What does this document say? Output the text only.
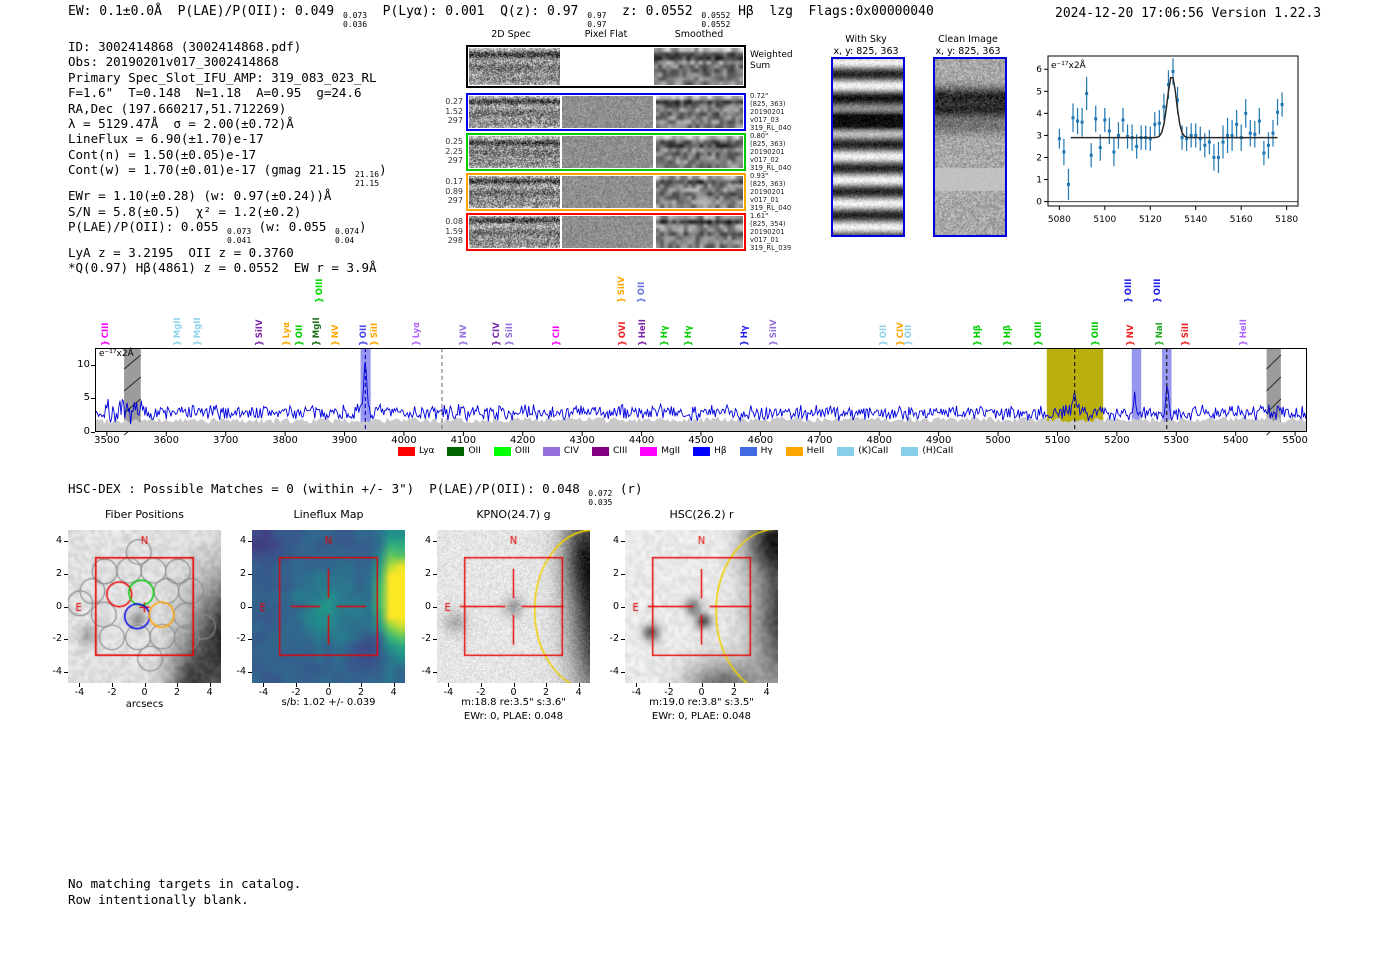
EW: 0.1±0.0Å  P(LAE)/P(OII): 0.049 0.073
0.036
P(Lyα): 0.001  Q(z): 0.97 0.97
0.97
z: 0.0552 0.0552
0.0552
Hβ  lzg  Flags:0x00000040	2024-12-20 17:06:56 Version 1.22.3
ID: 3002414868 (3002414868.pdf)
Obs: 20190201v017_3002414868
Primary Spec_Slot_IFU_AMP: 319_083_023_RL
F=1.6"  T=0.148  N=1.18  A=0.95  g=24.6
RA,Dec (197.660217,51.712269)
λ = 5129.47Å  σ = 2.00(±0.72)Å
LineFlux = 6.90(±1.70)e-17
Cont(n) = 1.50(±0.05)e-17
Cont(w) = 1.70(±0.01)e-17 (gmag 21.15 21.16
21.15
)
EWr = 1.10(±0.28) (w: 0.97(±0.24))Å
S/N = 5.8(±0.5)  χ² = 1.2(±0.2)
P(LAE)/P(OII): 0.055 0.073
0.041
(w: 0.055 0.074
0.04
)
LyA z = 3.2195  OII z = 0.3760
*Q(0.97) Hβ(4861) z = 0.0552  EW r = 3.9Å
2D Spec	Pixel Flat	Smoothed
Weighted
Sum
0.27
1.52
297
0.72"
(825, 363)
20190201
v017_03
319_RL_040
0.25
2.25
297
0.80"
(825, 363)
20190201
v017_02
319_RL_040
0.17
0.89
297
0.93"
(825, 363)
20190201
v017_01
319_RL_040
0.08
1.59
298
1.61"
(825, 354)
20190201
v017_01
319_RL_039
With Sky
x, y: 825, 363
Clean Image
x, y: 825, 363
5080	5100	5120	5140	5160	5180
0
1
2
3
4
5
6 e⁻¹⁷x2Å
3500	3600	3700	3800	3900	4000	4100	4200	4300	4400	4500	4600	4700	4800	4900	5000	5100	5200	5300	5400	5500
0
5
10
e⁻¹⁷x2Å
} CIII	} MgII } MgII	} SiIV } Lyα } OII } MgII
} OIII
} NV } OII } SiII	} Lyα	} NV	} CIV } SiII	} CII
} SiIV
} OVI
} OII
} HeII } Hγ } Hγ	} Hγ } SiIV	} OII } CIV
} OII	} Hβ } Hβ } OIII	} OIII
} OIII
} NV
} OIII
} NaI } SiII	} HeII
Lyα	OII	OIII	CIV	CIII	MgII	Hβ	Hγ	HeII	(K)CaII	(H)CaII
HSC-DEX : Possible Matches = 0 (within +/- 3")  P(LAE)/P(OII): 0.048 0.072
0.035
(r)
Fiber Positions
-4
-4
-2
-2
0
0
2
2
4
4
arcsecs
Lineflux Map
-4
-4
-2
-2
0
0
2
2
4
4
s/b: 1.02 +/- 0.039
KPNO(24.7) g
-4
-4
-2
-2
0
0
2
2
4
4
m:18.8 re:3.5" s:3.6"
EWr: 0, PLAE: 0.048
HSC(26.2) r
-4
-4
-2
-2
0
0
2
2
4
4
m:19.0 re:3.8" s:3.5"
EWr: 0, PLAE: 0.048
No matching targets in catalog.
Row intentionally blank.
